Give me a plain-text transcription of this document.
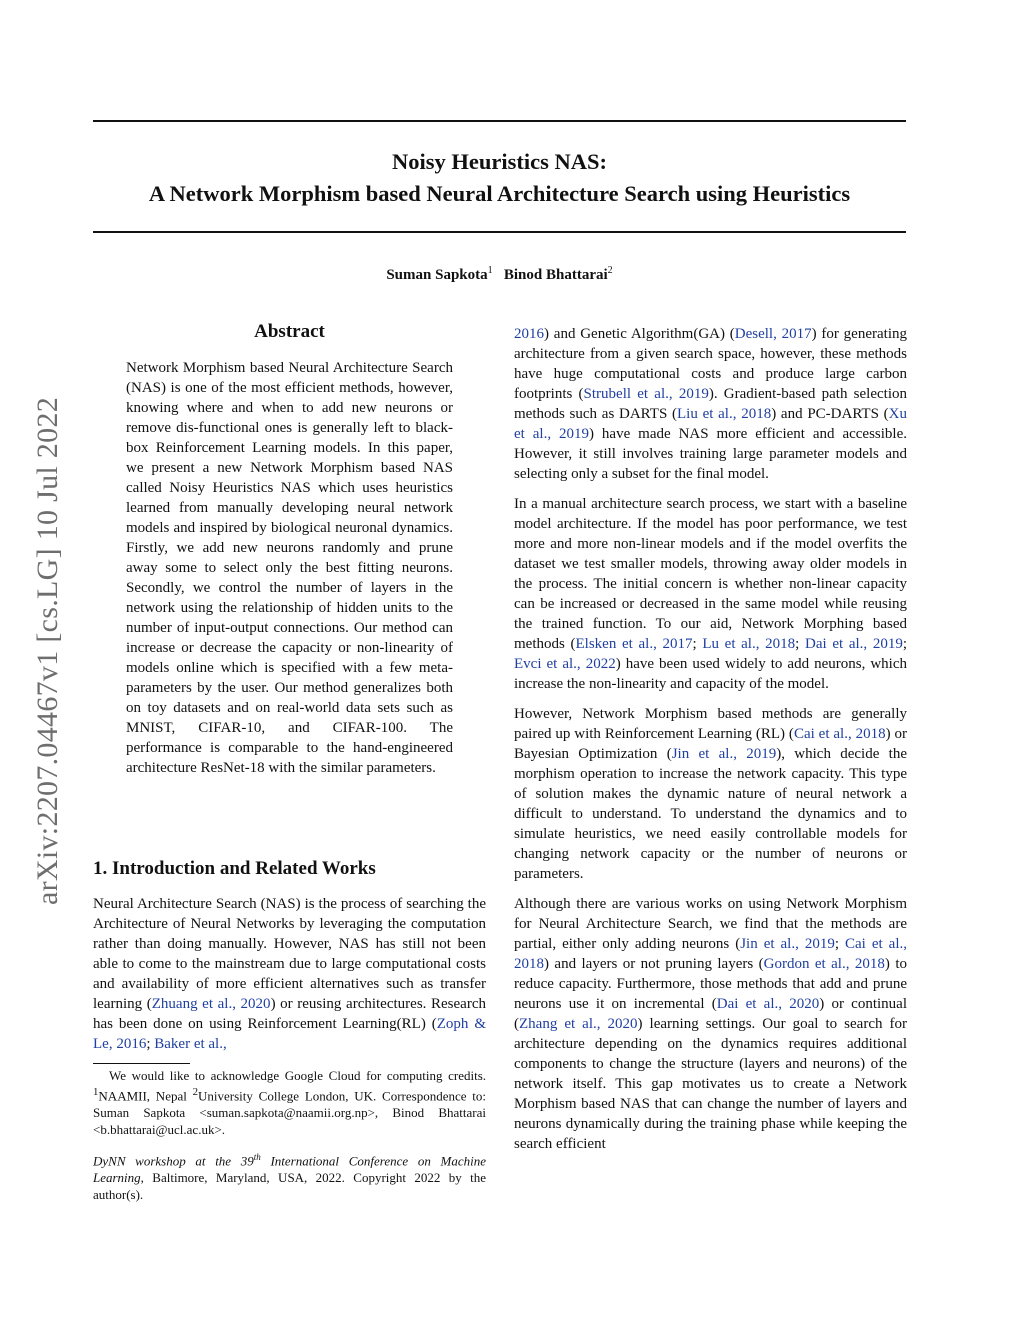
Noisy Heuristics NAS:
A Network Morphism based Neural Architecture Search using Heuristics
Suman Sapkota$^1$ Binod Bhattarai$^2$
arXiv:2207.04467v1 [cs.LG] 10 Jul 2022
Abstract
Network Morphism based Neural Architecture Search (NAS) is one of the most efficient methods, however, knowing where and when to add new neurons or remove dis-functional ones is generally left to black-box Reinforcement Learning models. In this paper, we present a new Network Morphism based NAS called Noisy Heuristics NAS which uses heuristics learned from manually developing neural network models and inspired by biological neuronal dynamics. Firstly, we add new neurons randomly and prune away some to select only the best fitting neurons. Secondly, we control the number of layers in the network using the relationship of hidden units to the number of input-output connections. Our method can increase or decrease the capacity or non-linearity of models online which is specified with a few meta-parameters by the user. Our method generalizes both on toy datasets and on real-world data sets such as MNIST, CIFAR-10, and CIFAR-100. The performance is comparable to the hand-engineered architecture ResNet-18 with the similar parameters.
1. Introduction and Related Works
Neural Architecture Search (NAS) is the process of searching the Architecture of Neural Networks by leveraging the computation rather than doing manually. However, NAS has still not been able to come to the mainstream due to large computational costs and availability of more efficient alternatives such as transfer learning (Zhuang et al., 2020) or reusing architectures. Research has been done on using Reinforcement Learning(RL) (Zoph & Le, 2016; Baker et al.,

We would like to acknowledge Google Cloud for computing credits. $^1$NAAMII, Nepal $^2$University College London, UK. Correspondence to: Suman Sapkota <suman.sapkota@naamii.org.np>, Binod Bhattarai <b.bhattarai@ucl.ac.uk>.

DyNN workshop at the 39th International Conference on Machine Learning, Baltimore, Maryland, USA, 2022. Copyright 2022 by the author(s).

2016) and Genetic Algorithm(GA) (Desell, 2017) for generating architecture from a given search space, however, these methods have huge computational costs and produce large carbon footprints (Strubell et al., 2019). Gradient-based path selection methods such as DARTS (Liu et al., 2018) and PC-DARTS (Xu et al., 2019) have made NAS more efficient and accessible. However, it still involves training large parameter models and selecting only a subset for the final model.

In a manual architecture search process, we start with a baseline model architecture. If the model has poor performance, we test more and more non-linear models and if the model overfits the dataset we test smaller models, throwing away older models in the process. The initial concern is whether non-linear capacity can be increased or decreased in the same model while reusing the trained function. To our aid, Network Morphing based methods (Elsken et al., 2017; Lu et al., 2018; Dai et al., 2019; Evci et al., 2022) have been used widely to add neurons, which increase the non-linearity and capacity of the model.

However, Network Morphism based methods are generally paired up with Reinforcement Learning (RL) (Cai et al., 2018) or Bayesian Optimization (Jin et al., 2019), which decide the morphism operation to increase the network capacity. This type of solution makes the dynamic nature of neural network a difficult to understand. To understand the dynamics and to simulate heuristics, we need easily controllable models for changing network capacity or the number of neurons or parameters.

Although there are various works on using Network Morphism for Neural Architecture Search, we find that the methods are partial, either only adding neurons (Jin et al., 2019; Cai et al., 2018) and layers or not pruning layers (Gordon et al., 2018) to reduce capacity. Furthermore, those methods that add and prune neurons use it on incremental (Dai et al., 2020) or continual (Zhang et al., 2020) learning settings. Our goal to search for architecture depending on the dynamics requires additional components to change the structure (layers and neurons) of the network itself. This gap motivates us to create a Network Morphism based NAS that can change the number of layers and neurons dynamically during the training phase while keeping the search efficient
